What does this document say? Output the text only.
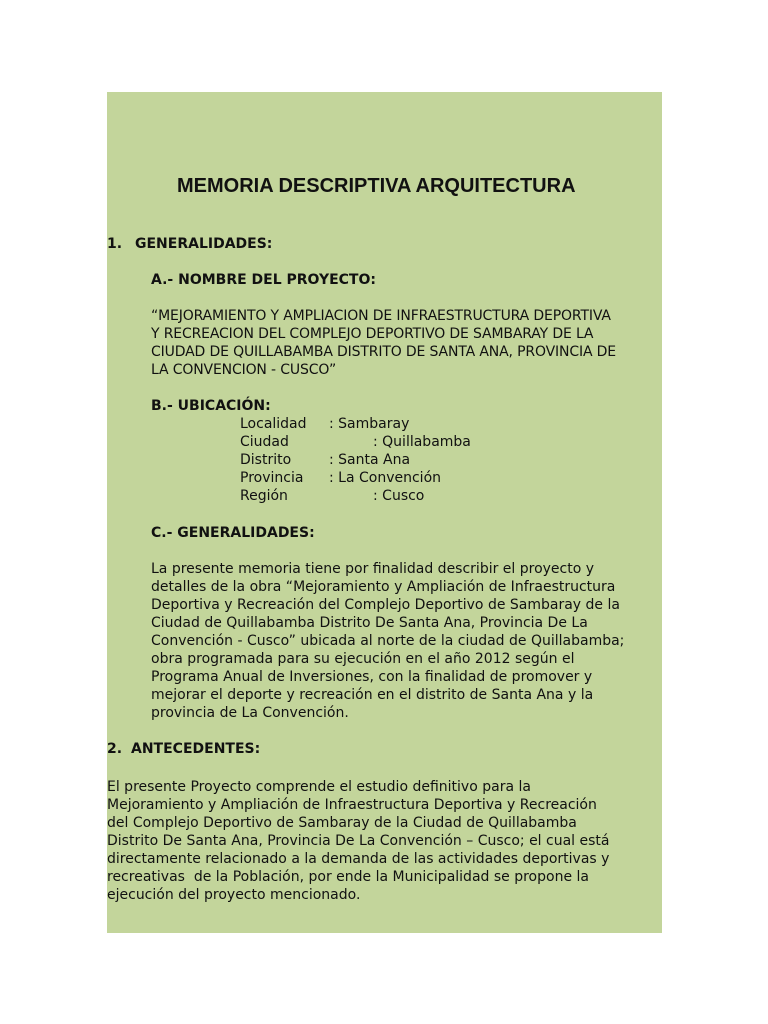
MEMORIA DESCRIPTIVA ARQUITECTURA
1. GENERALIDADES:
A.- NOMBRE DEL PROYECTO:
“MEJORAMIENTO Y AMPLIACION DE INFRAESTRUCTURA DEPORTIVA
Y RECREACION DEL COMPLEJO DEPORTIVO DE SAMBARAY DE LA
CIUDAD DE QUILLABAMBA DISTRITO DE SANTA ANA, PROVINCIA DE
LA CONVENCION - CUSCO”
B.- UBICACIÓN:
Localidad : Sambaray
Ciudad	: Quillabamba
Distrito	: Santa Ana
Provincia : La Convención
Región	: Cusco
C.- GENERALIDADES:
La presente memoria tiene por finalidad describir el proyecto y
detalles de la obra “Mejoramiento y Ampliación de Infraestructura
Deportiva y Recreación del Complejo Deportivo de Sambaray de la
Ciudad de Quillabamba Distrito De Santa Ana, Provincia De La
Convención - Cusco” ubicada al norte de la ciudad de Quillabamba;
obra programada para su ejecución en el año 2012 según el
Programa Anual de Inversiones, con la finalidad de promover y
mejorar el deporte y recreación en el distrito de Santa Ana y la
provincia de La Convención.
2. ANTECEDENTES:
El presente Proyecto comprende el estudio definitivo para la
Mejoramiento y Ampliación de Infraestructura Deportiva y Recreación
del Complejo Deportivo de Sambaray de la Ciudad de Quillabamba
Distrito De Santa Ana, Provincia De La Convención – Cusco; el cual está
directamente relacionado a la demanda de las actividades deportivas y
recreativas  de la Población, por ende la Municipalidad se propone la
ejecución del proyecto mencionado.
